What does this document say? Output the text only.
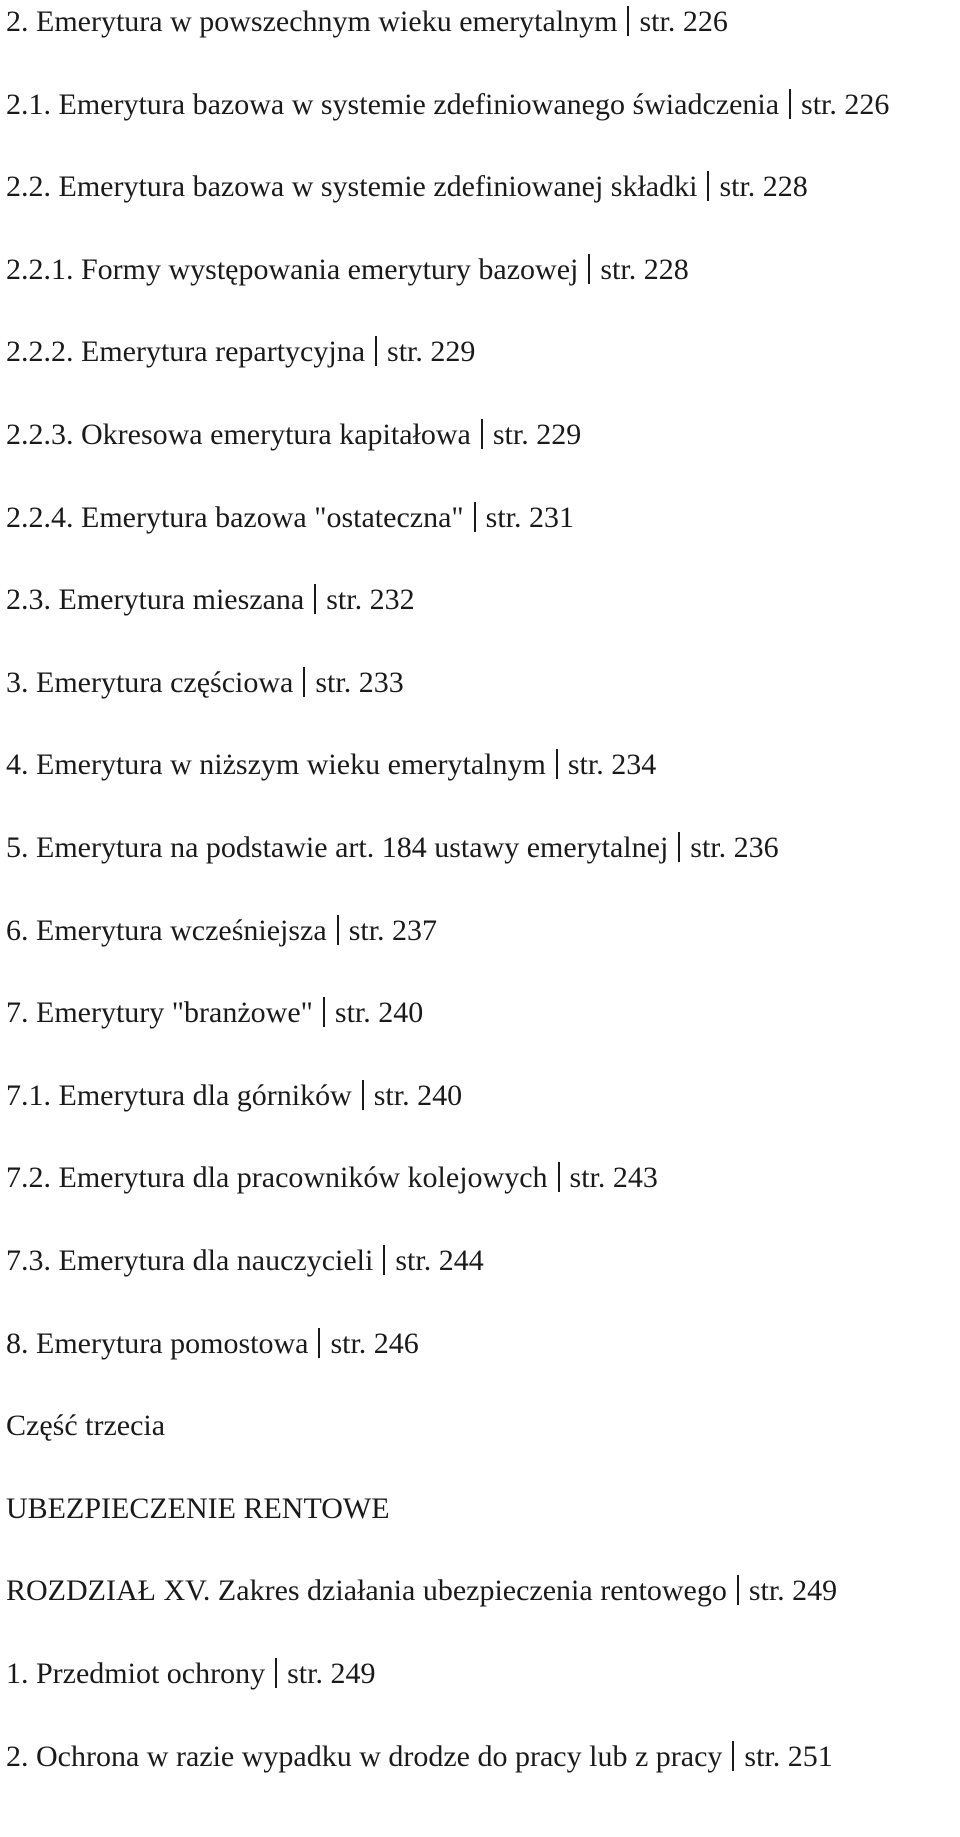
2. Emerytura w powszechnym wieku emerytalnym str. 226
2.1. Emerytura bazowa w systemie zdefiniowanego świadczenia str. 226
2.2. Emerytura bazowa w systemie zdefiniowanej składki str. 228
2.2.1. Formy występowania emerytury bazowej str. 228
2.2.2. Emerytura repartycyjna str. 229
2.2.3. Okresowa emerytura kapitałowa str. 229
2.2.4. Emerytura bazowa "ostateczna" str. 231
2.3. Emerytura mieszana str. 232
3. Emerytura częściowa str. 233
4. Emerytura w niższym wieku emerytalnym str. 234
5. Emerytura na podstawie art. 184 ustawy emerytalnej str. 236
6. Emerytura wcześniejsza str. 237
7. Emerytury "branżowe" str. 240
7.1. Emerytura dla górników str. 240
7.2. Emerytura dla pracowników kolejowych str. 243
7.3. Emerytura dla nauczycieli str. 244
8. Emerytura pomostowa str. 246
Część trzecia
UBEZPIECZENIE RENTOWE
ROZDZIAŁ XV. Zakres działania ubezpieczenia rentowego str. 249
1. Przedmiot ochrony str. 249
2. Ochrona w razie wypadku w drodze do pracy lub z pracy str. 251
